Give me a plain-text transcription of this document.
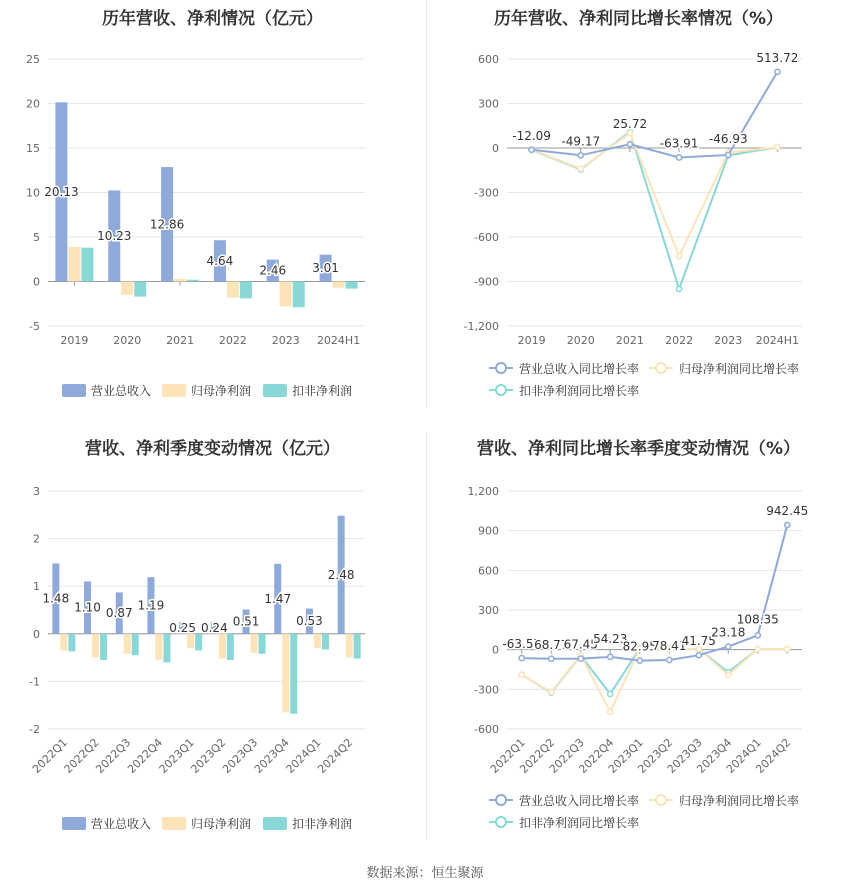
历年营收、净利情况（亿元）
-5
0
5
10
15
20
25
2019
20.13
2020
10.23
2021
12.86
2022
4.64
2023
2.46
2024H1
3.01
营业总收入	归母净利润	扣非净利润
历年营收、净利同比增长率情况（%）
-1,200
-900
-600
-300
0
300
600
2019 2020 2021 2022 2023 2024H1
-12.09 -49.17
25.72
-63.91 -46.93
513.72
营业总收入同比增长率	归母净利润同比增长率
扣非净利润同比增长率
营收、净利季度变动情况（亿元）
-2
-1
0
1
2
3
2022Q1
1.48
2022Q2
1.10
2022Q3
0.87
2022Q4
1.19
2023Q1
0.25
2023Q2
0.24
2023Q3
0.51
2023Q4
1.47
2024Q1
0.53
2024Q2
2.48
营业总收入	归母净利润	扣非净利润
营收、净利同比增长率季度变动情况（%）
-600
-300
0
300
600
900
1,200
2022Q1
2022Q2
2022Q3
2022Q4
2023Q1
2023Q2
2023Q3
2023Q4
2024Q1
2024Q2
-63.57
68.77
67.45
54.23
82.95
78.41
41.75
23.18
108.35
942.45
营业总收入同比增长率	归母净利润同比增长率
扣非净利润同比增长率
数据来源：恒生聚源
